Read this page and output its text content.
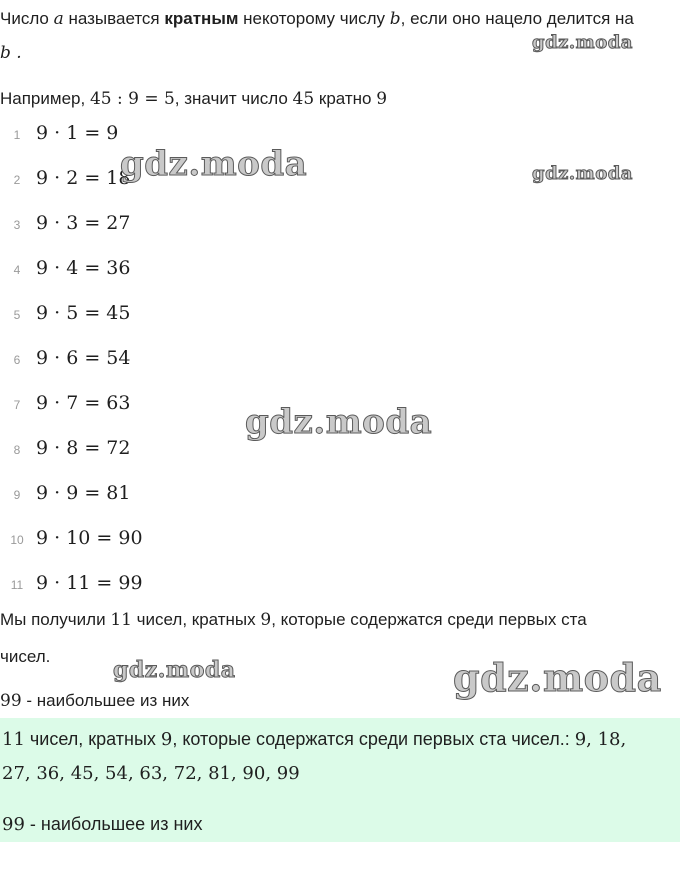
Число a называется кратным некоторому числу b, если оно нацело делится на
b .
Например, 45 : 9 = 5, значит число 45 кратно 9
1 9 · 1 = 9
2 9 · 2 = 18
3 9 · 3 = 27
4 9 · 4 = 36
5 9 · 5 = 45
6 9 · 6 = 54
7 9 · 7 = 63
8 9 · 8 = 72
9 9 · 9 = 81
10 9 · 10 = 90
11 9 · 11 = 99
Мы получили 11 чисел, кратных 9, которые содержатся среди первых ста
чисел.
99 - наибольшее из них
11 чисел, кратных 9, которые содержатся среди первых ста чисел.: 9, 18,
27, 36, 45, 54, 63, 72, 81, 90, 99
99 - наибольшее из них
gdz.moda
gdz.moda	gdz.moda
gdz.moda
gdz.moda	gdz.moda
